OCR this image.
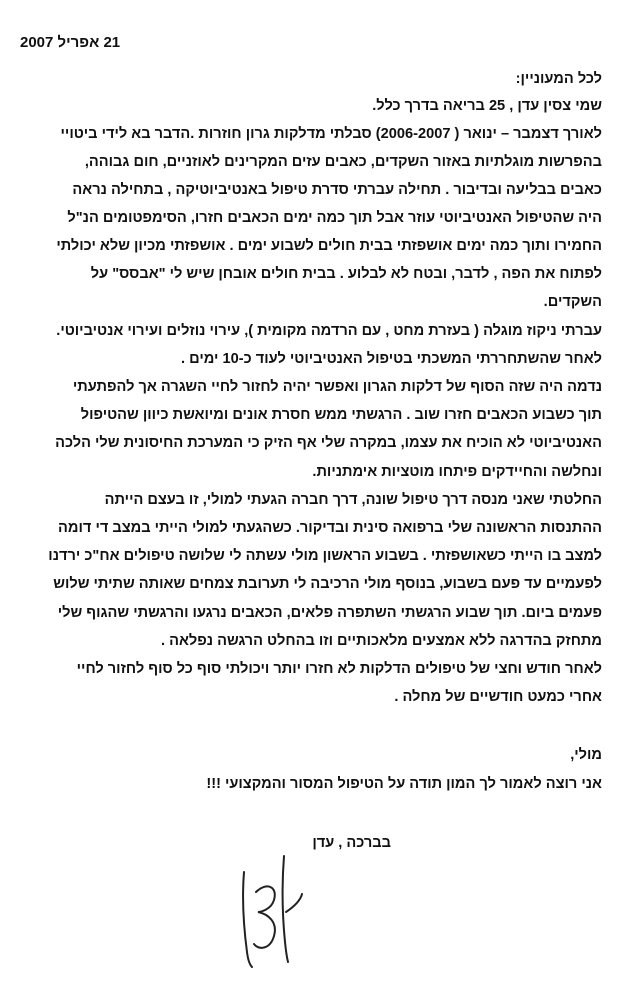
21 אפריל 2007
לכל המעוניין:
שמי צסין עדן , 25 בריאה בדרך כלל.
לאורך דצמבר – ינואר ( 2006-2007) סבלתי מדלקות גרון חוזרות .הדבר בא לידי ביטויי
בהפרשות מוגלתיות באזור השקדים, כאבים עזים המקרינים לאוזניים, חום גבוהה,
כאבים בבליעה ובדיבור . תחילה עברתי סדרת טיפול באנטיביוטיקה , בתחילה נראה
היה שהטיפול האנטיביוטי עוזר אבל תוך כמה ימים הכאבים חזרו, הסימפטומים הנ"ל
החמירו ותוך כמה ימים אושפזתי בבית חולים לשבוע ימים . אושפזתי מכיון שלא יכולתי
לפתוח את הפה , לדבר, ובטח לא לבלוע . בבית חולים אובחן שיש לי "אבסס" על
השקדים.
עברתי ניקוז מוגלה ( בעזרת מחט , עם הרדמה מקומית ), עירוי נוזלים ועירוי אנטיביוטי.
לאחר שהשתחררתי המשכתי בטיפול האנטיביוטי לעוד כ-10 ימים .
נדמה היה שזה הסוף של דלקות הגרון ואפשר יהיה לחזור לחיי השגרה אך להפתעתי
תוך כשבוע הכאבים חזרו שוב . הרגשתי ממש חסרת אונים ומיואשת כיוון שהטיפול
האנטיביוטי לא הוכיח את עצמו, במקרה שלי אף הזיק כי המערכת החיסונית שלי הלכה
ונחלשה והחיידקים פיתחו מוטציות אימתניות.
החלטתי שאני מנסה דרך טיפול שונה, דרך חברה הגעתי למולי, זו בעצם הייתה
ההתנסות הראשונה שלי ברפואה סינית ובדיקור. כשהגעתי למולי הייתי במצב די דומה
למצב בו הייתי כשאושפזתי . בשבוע הראשון מולי עשתה לי שלושה טיפולים אח"כ ירדנו
לפעמיים עד פעם בשבוע, בנוסף מולי הרכיבה לי תערובת צמחים שאותה שתיתי שלוש
פעמים ביום. תוך שבוע הרגשתי השתפרה פלאים, הכאבים נרגעו והרגשתי שהגוף שלי
מתחזק בהדרגה ללא אמצעים מלאכותיים וזו בהחלט הרגשה נפלאה .
לאחר חודש וחצי של טיפולים הדלקות לא חזרו יותר ויכולתי סוף כל סוף לחזור לחיי
אחרי כמעט חודשיים של מחלה .
מולי,
אני רוצה לאמור לך המון תודה על הטיפול המסור והמקצועי !!!
בברכה , עדן
